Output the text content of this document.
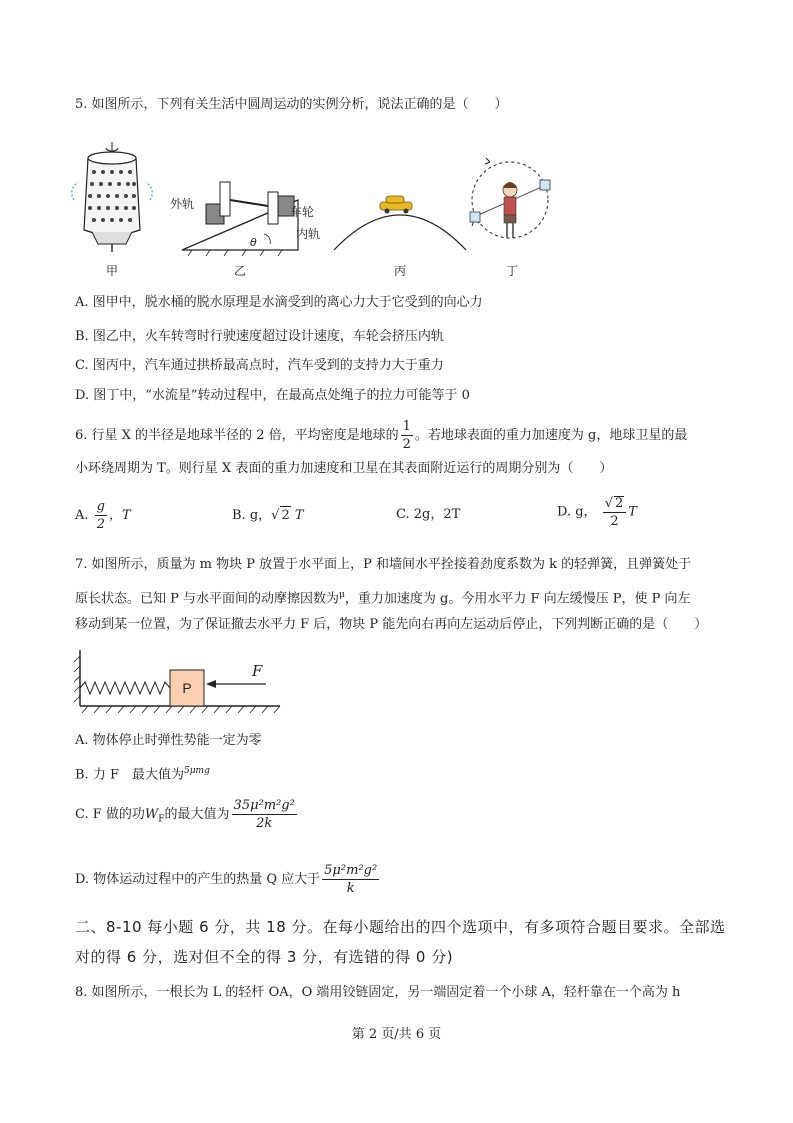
5. 如图所示，下列有关生活中圆周运动的实例分析，说法正确的是（　　）
外轨
车轮
内轨
θ
甲	乙	丙	丁
A. 图甲中，脱水桶的脱水原理是水滴受到的离心力大于它受到的向心力
B. 图乙中，火车转弯时行驶速度超过设计速度，车轮会挤压内轨
C. 图丙中，汽车通过拱桥最高点时，汽车受到的支持力大于重力
D. 图丁中，“水流星”转动过程中，在最高点处绳子的拉力可能等于 0
6. 行星 X 的半径是地球半径的 2 倍，平均密度是地球的 $\frac{1}{2}$ 。若地球表面的重力加速度为 g，地球卫星的最
小环绕周期为 T。则行星 X 表面的重力加速度和卫星在其表面附近运行的周期分别为（　　）
A. $\frac{g}{2}$ ，T	B. g，√ 2 T	C. 2g，2T	D. g， $\frac{√ 2}{2}$ T
7. 如图所示，质量为 m 物块 P 放置于水平面上，P 和墙间水平拴接着劲度系数为 k 的轻弹簧，且弹簧处于
原长状态。已知 P 与水平面间的动摩擦因数为$^\mu$，重力加速度为 g。今用水平力 F 向左缓慢压 P，使 P 向左
移动到某一位置，为了保证撤去水平力 F 后，物块 P 能先向右再向左运动后停止，下列判断正确的是（　　）
P
F
A. 物体停止时弹性势能一定为零
B. 力 F　最大值为$^{5\mu mg}$
C. F 做的功$W_F$的最大值为 $\frac{\text{35μ²m²g²}}{2k}$
D. 物体运动过程中的产生的热量 Q 应大于 $\frac{\text{5μ²m²g²}}{k}$
二、8-10 每小题 6 分，共 18 分。在每小题给出的四个选项中，有多项符合题目要求。全部选
对的得 6 分，选对但不全的得 3 分，有选错的得 0 分)
8. 如图所示，一根长为 L 的轻杆 OA，O 端用铰链固定，另一端固定着一个小球 A，轻杆靠在一个高为 h
第 2 页/共 6 页
